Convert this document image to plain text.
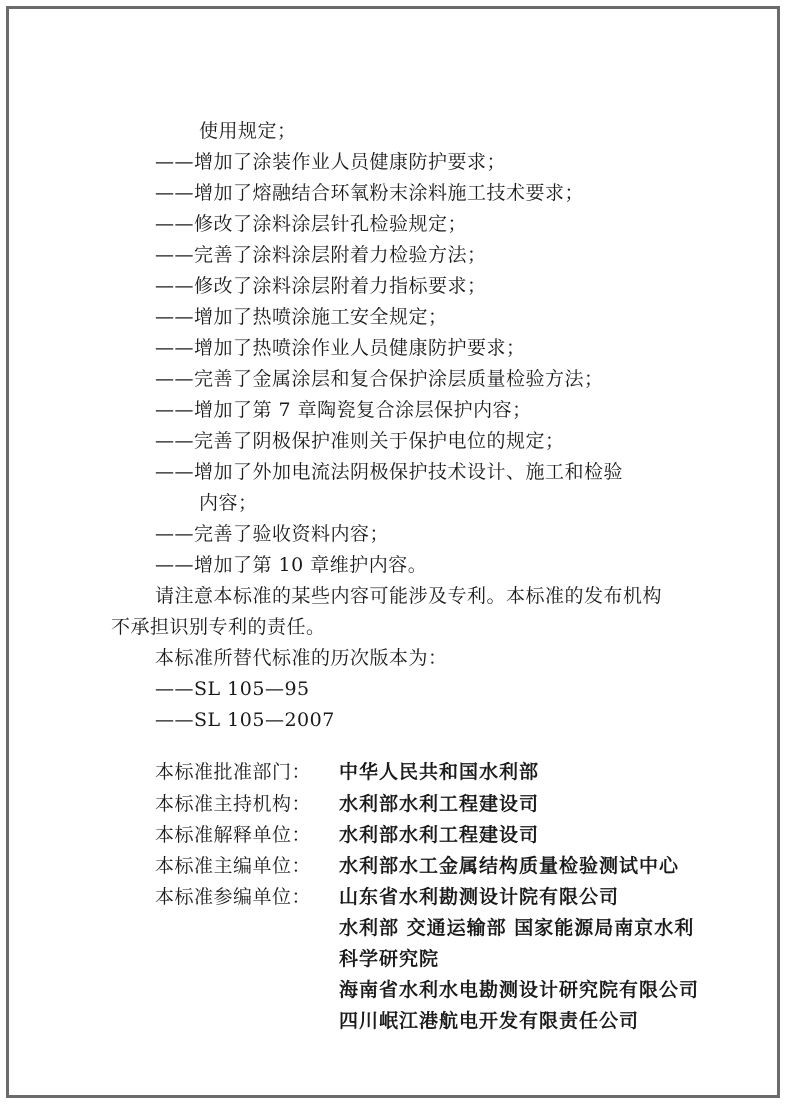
使用规定；
——增加了涂装作业人员健康防护要求；
——增加了熔融结合环氧粉末涂料施工技术要求；
——修改了涂料涂层针孔检验规定；
——完善了涂料涂层附着力检验方法；
——修改了涂料涂层附着力指标要求；
——增加了热喷涂施工安全规定；
——增加了热喷涂作业人员健康防护要求；
——完善了金属涂层和复合保护涂层质量检验方法；
——增加了第 7 章陶瓷复合涂层保护内容；
——完善了阴极保护准则关于保护电位的规定；
——增加了外加电流法阴极保护技术设计、施工和检验
内容；
——完善了验收资料内容；
——增加了第 10 章维护内容。
请注意本标准的某些内容可能涉及专利。本标准的发布机构
不承担识别专利的责任。
本标准所替代标准的历次版本为：
——SL 105—95
——SL 105—2007
本标准批准部门： 中华人民共和国水利部
本标准主持机构： 水利部水利工程建设司
本标准解释单位： 水利部水利工程建设司
本标准主编单位： 水利部水工金属结构质量检验测试中心
本标准参编单位： 山东省水利勘测设计院有限公司
水利部 交通运输部 国家能源局南京水利
科学研究院
海南省水利水电勘测设计研究院有限公司
四川岷江港航电开发有限责任公司
